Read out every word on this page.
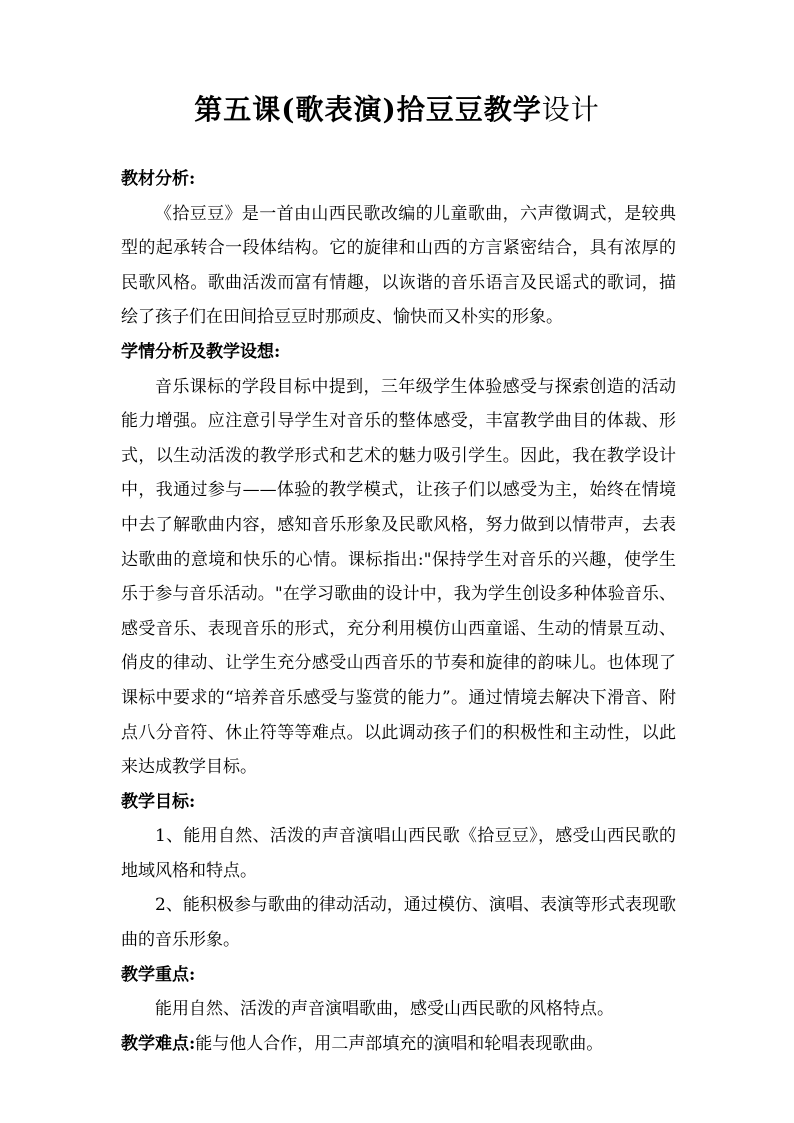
第五课(歌表演)拾豆豆教学设计

教材分析:

《拾豆豆》是一首由山西民歌改编的儿童歌曲，六声徵调式，是较典型的起承转合一段体结构。它的旋律和山西的方言紧密结合，具有浓厚的民歌风格。歌曲活泼而富有情趣，以诙谐的音乐语言及民谣式的歌词，描绘了孩子们在田间拾豆豆时那顽皮、愉快而又朴实的形象。

学情分析及教学设想:

音乐课标的学段目标中提到，三年级学生体验感受与探索创造的活动能力增强。应注意引导学生对音乐的整体感受，丰富教学曲目的体裁、形式，以生动活泼的教学形式和艺术的魅力吸引学生。因此，我在教学设计中，我通过参与——体验的教学模式，让孩子们以感受为主，始终在情境中去了解歌曲内容，感知音乐形象及民歌风格，努力做到以情带声，去表达歌曲的意境和快乐的心情。课标指出:"保持学生对音乐的兴趣，使学生乐于参与音乐活动。"在学习歌曲的设计中，我为学生创设多种体验音乐、感受音乐、表现音乐的形式，充分利用模仿山西童谣、生动的情景互动、俏皮的律动、让学生充分感受山西音乐的节奏和旋律的韵味儿。也体现了课标中要求的“培养音乐感受与鉴赏的能力”。通过情境去解决下滑音、附点八分音符、休止符等等难点。以此调动孩子们的积极性和主动性，以此来达成教学目标。

教学目标:

1、能用自然、活泼的声音演唱山西民歌《拾豆豆》，感受山西民歌的地域风格和特点。

2、能积极参与歌曲的律动活动，通过模仿、演唱、表演等形式表现歌曲的音乐形象。

教学重点:

能用自然、活泼的声音演唱歌曲，感受山西民歌的风格特点。

教学难点:能与他人合作，用二声部填充的演唱和轮唱表现歌曲。
